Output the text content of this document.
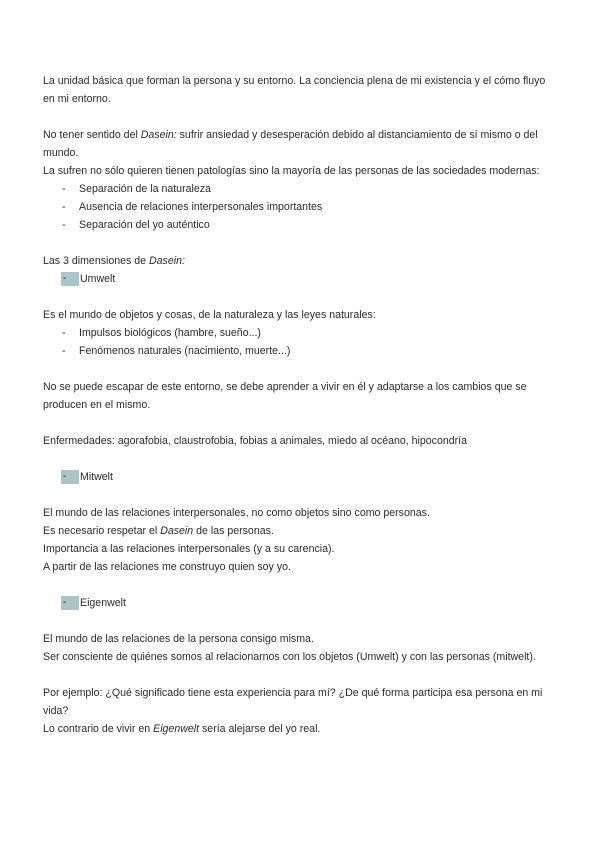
La unidad básica que forman la persona y su entorno. La conciencia plena de mi existencia y el cómo fluyo en mi entorno.

No tener sentido del Dasein: sufrir ansiedad y desesperación debido al distanciamiento de sí mismo o del mundo.

La sufren no sólo quieren tienen patologías sino la mayoría de las personas de las sociedades modernas:

- Separación de la naturaleza
- Ausencia de relaciones interpersonales importantes
- Separación del yo auténtico

Las 3 dimensiones de Dasein:

-	Umwelt

Es el mundo de objetos y cosas, de la naturaleza y las leyes naturales:

- Impulsos biológicos (hambre, sueño...)
- Fenómenos naturales (nacimiento, muerte...)

No se puede escapar de este entorno, se debe aprender a vivir en él y adaptarse a los cambios que se producen en el mismo.

Enfermedades: agorafobia, claustrofobia, fobias a animales, miedo al océano, hipocondría

-	Mitwelt

El mundo de las relaciones interpersonales, no como objetos sino como personas.

Es necesario respetar el Dasein de las personas.

Importancia a las relaciones interpersonales (y a su carencia).

A partir de las relaciones me construyo quien soy yo.

-	Eigenwelt

El mundo de las relaciones de la persona consigo misma.

Ser consciente de quiénes somos al relacionarnos con los objetos (Umwelt) y con las personas (mitwelt).

Por ejemplo: ¿Qué significado tiene esta experiencia para mí? ¿De qué forma participa esa persona en mi vida?

Lo contrario de vivir en Eigenwelt sería alejarse del yo real.
